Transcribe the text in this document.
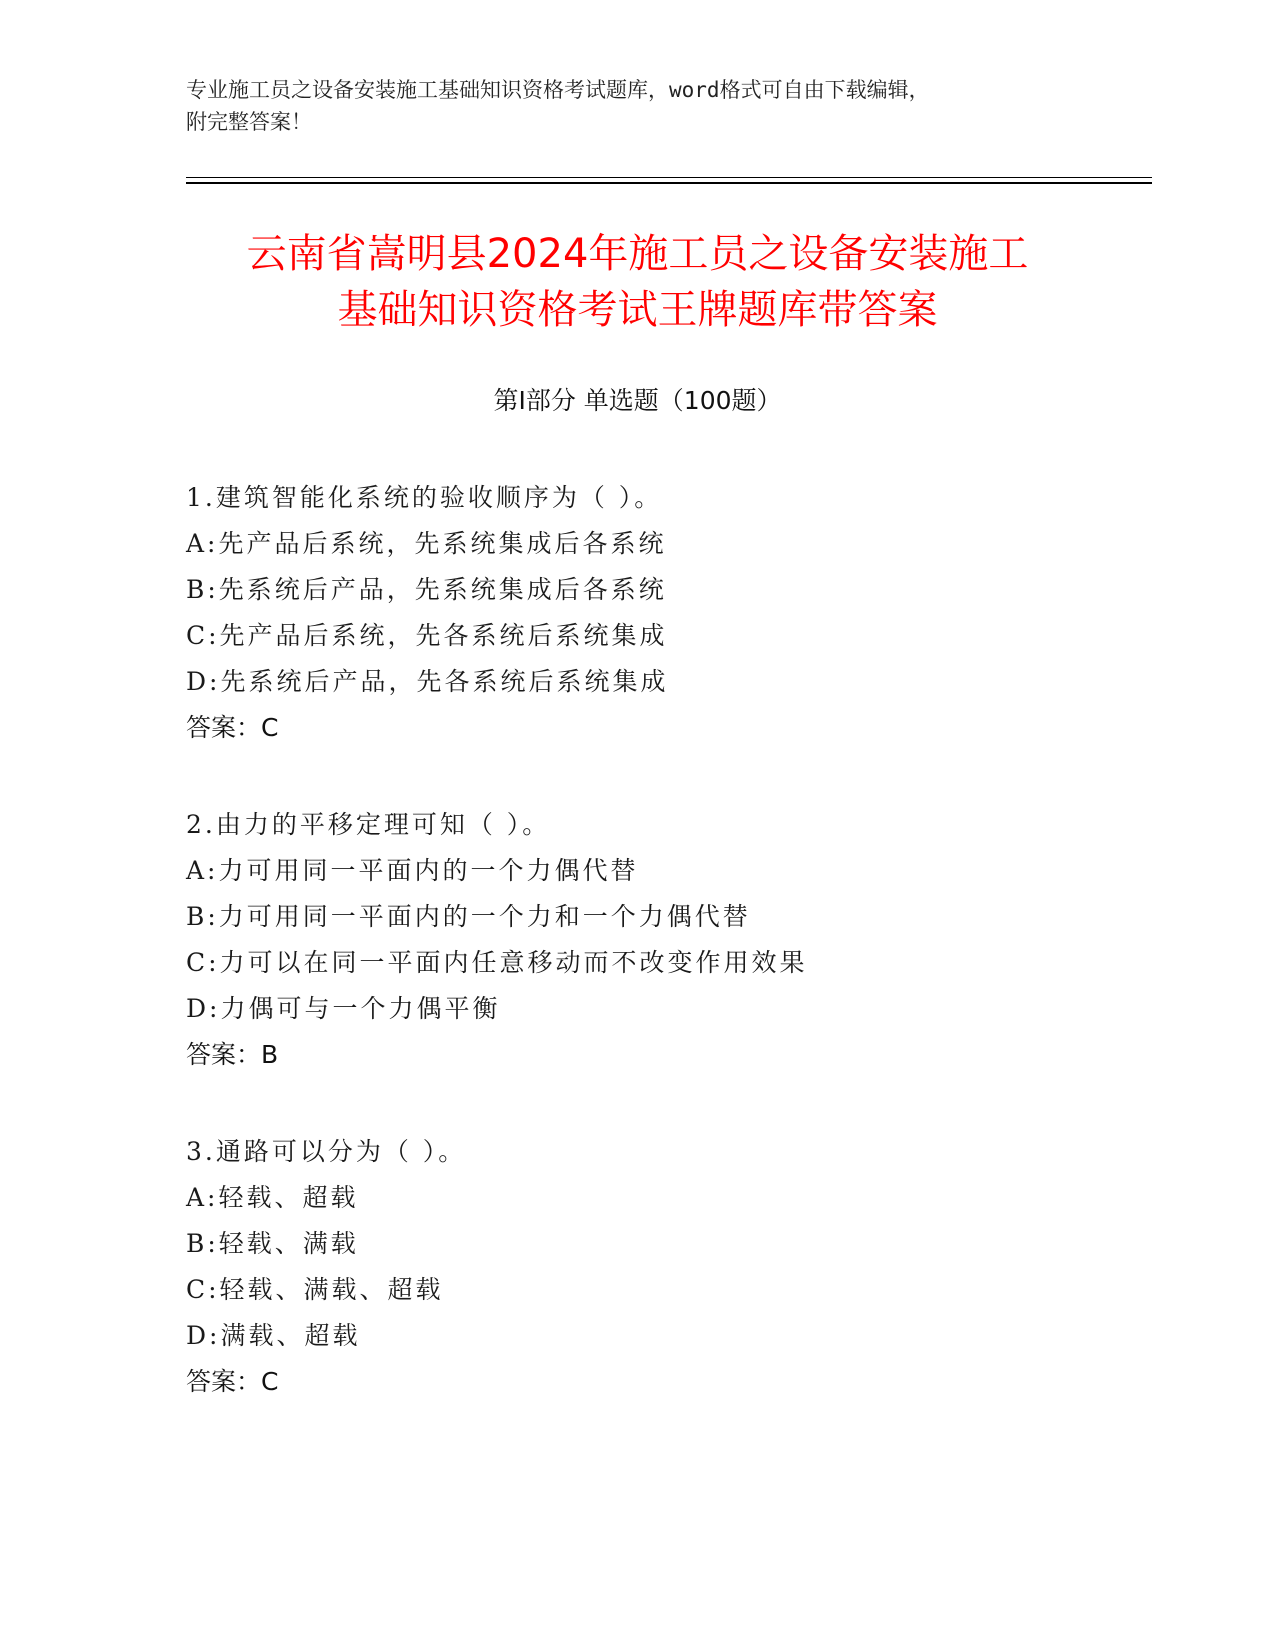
专业施工员之设备安装施工基础知识资格考试题库，word格式可自由下载编辑，
附完整答案！
云南省嵩明县2024年施工员之设备安装施工
基础知识资格考试王牌题库带答案
第Ⅰ部分 单选题（100题）
1.建筑智能化系统的验收顺序为（ ）。
A:先产品后系统，先系统集成后各系统
B:先系统后产品，先系统集成后各系统
C:先产品后系统，先各系统后系统集成
D:先系统后产品，先各系统后系统集成
答案：C
2.由力的平移定理可知（ ）。
A:力可用同一平面内的一个力偶代替
B:力可用同一平面内的一个力和一个力偶代替
C:力可以在同一平面内任意移动而不改变作用效果
D:力偶可与一个力偶平衡
答案：B
3.通路可以分为（ ）。
A:轻载、超载
B:轻载、满载
C:轻载、满载、超载
D:满载、超载
答案：C
